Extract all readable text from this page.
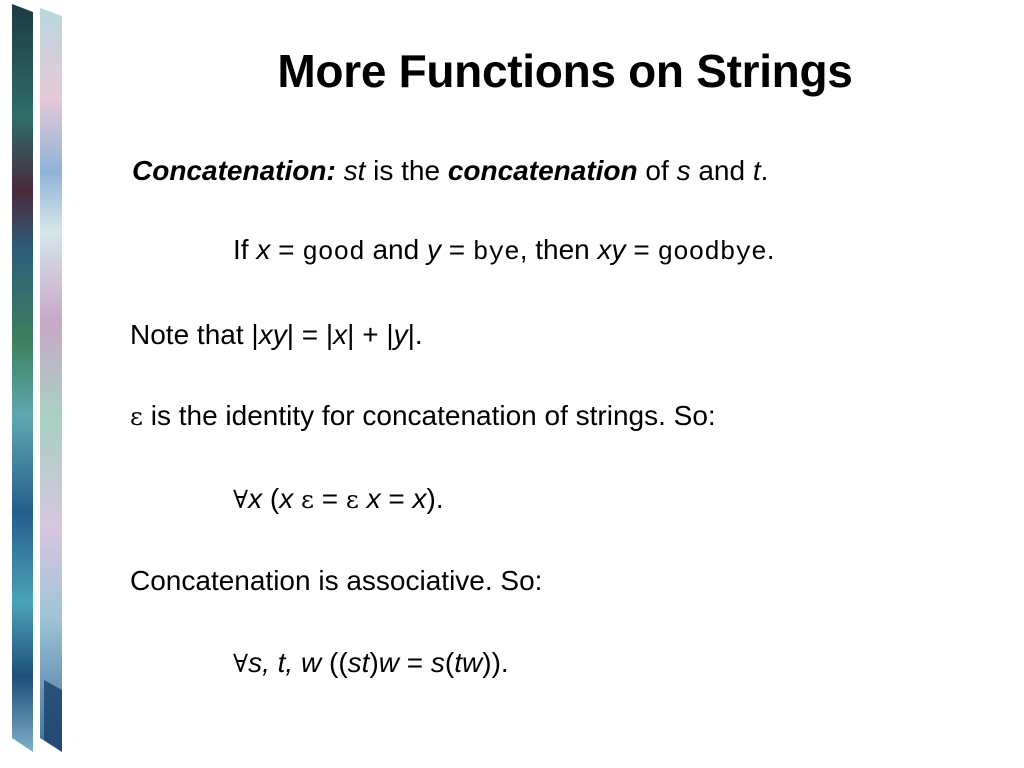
More Functions on Strings
Concatenation: st is the concatenation of s and t.
If x = good and y = bye, then xy = goodbye.
Note that |xy| = |x| + |y|.
ε is the identity for concatenation of strings. So:
∀x (x ε = ε x = x).
Concatenation is associative. So:
∀s, t, w ((st)w = s(tw)).
